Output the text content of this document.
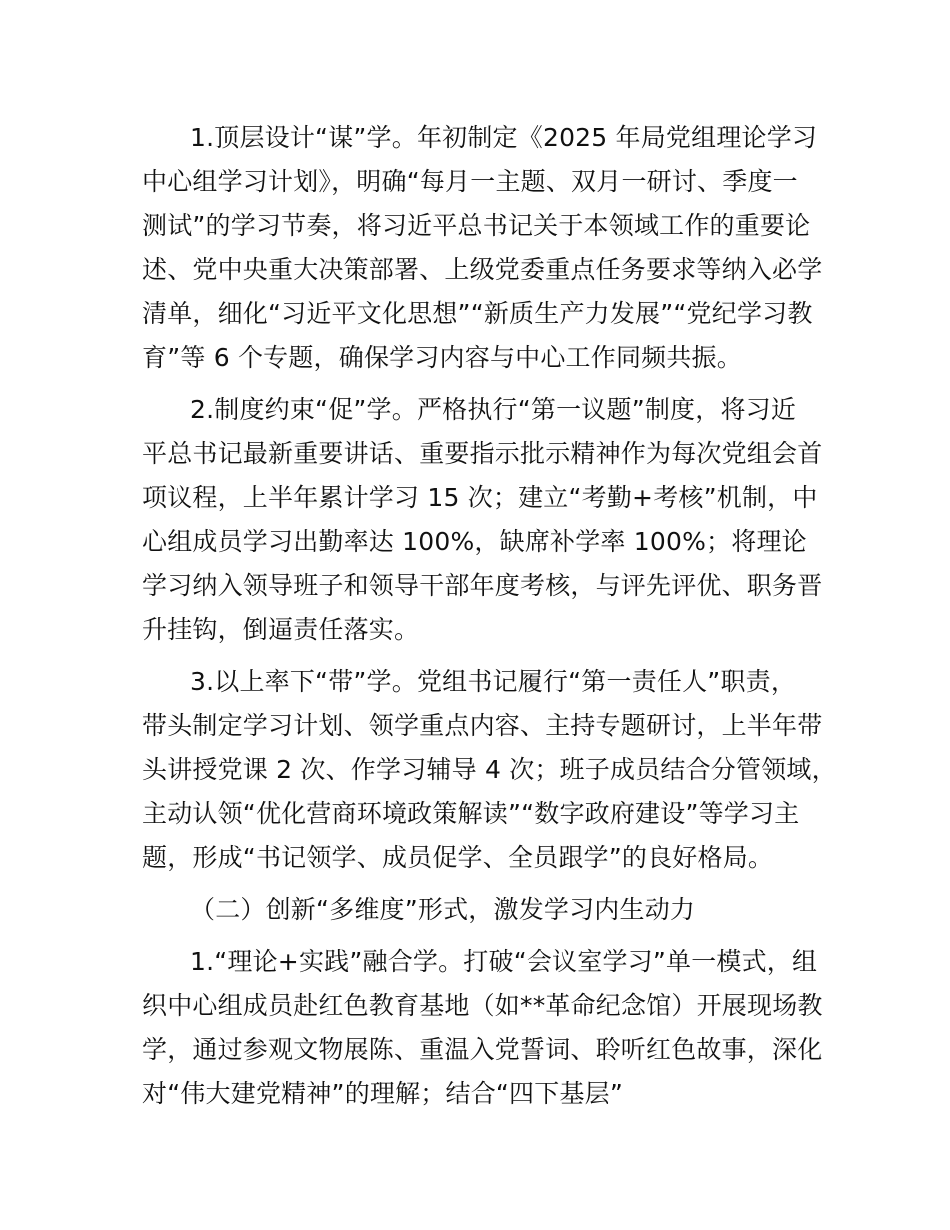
1.顶层设计“谋”学。年初制定《2025 年局党组理论学习
中心组学习计划》，明确“每月一主题、双月一研讨、季度一
测试”的学习节奏，将习近平总书记关于本领域工作的重要论
述、党中央重大决策部署、上级党委重点任务要求等纳入必学
清单，细化“习近平文化思想”“新质生产力发展”“党纪学习教
育”等 6 个专题，确保学习内容与中心工作同频共振。
2.制度约束“促”学。严格执行“第一议题”制度，将习近
平总书记最新重要讲话、重要指示批示精神作为每次党组会首
项议程，上半年累计学习 15 次；建立“考勤+考核”机制，中
心组成员学习出勤率达 100%，缺席补学率 100%；将理论
学习纳入领导班子和领导干部年度考核，与评先评优、职务晋
升挂钩，倒逼责任落实。
3.以上率下“带”学。党组书记履行“第一责任人”职责，
带头制定学习计划、领学重点内容、主持专题研讨，上半年带
头讲授党课 2 次、作学习辅导 4 次；班子成员结合分管领域，
主动认领“优化营商环境政策解读”“数字政府建设”等学习主
题，形成“书记领学、成员促学、全员跟学”的良好格局。
（二）创新“多维度”形式，激发学习内生动力
1.“理论+实践”融合学。打破“会议室学习”单一模式，组
织中心组成员赴红色教育基地（如**革命纪念馆）开展现场教
学，通过参观文物展陈、重温入党誓词、聆听红色故事，深化
对“伟大建党精神”的理解；结合“四下基层”
